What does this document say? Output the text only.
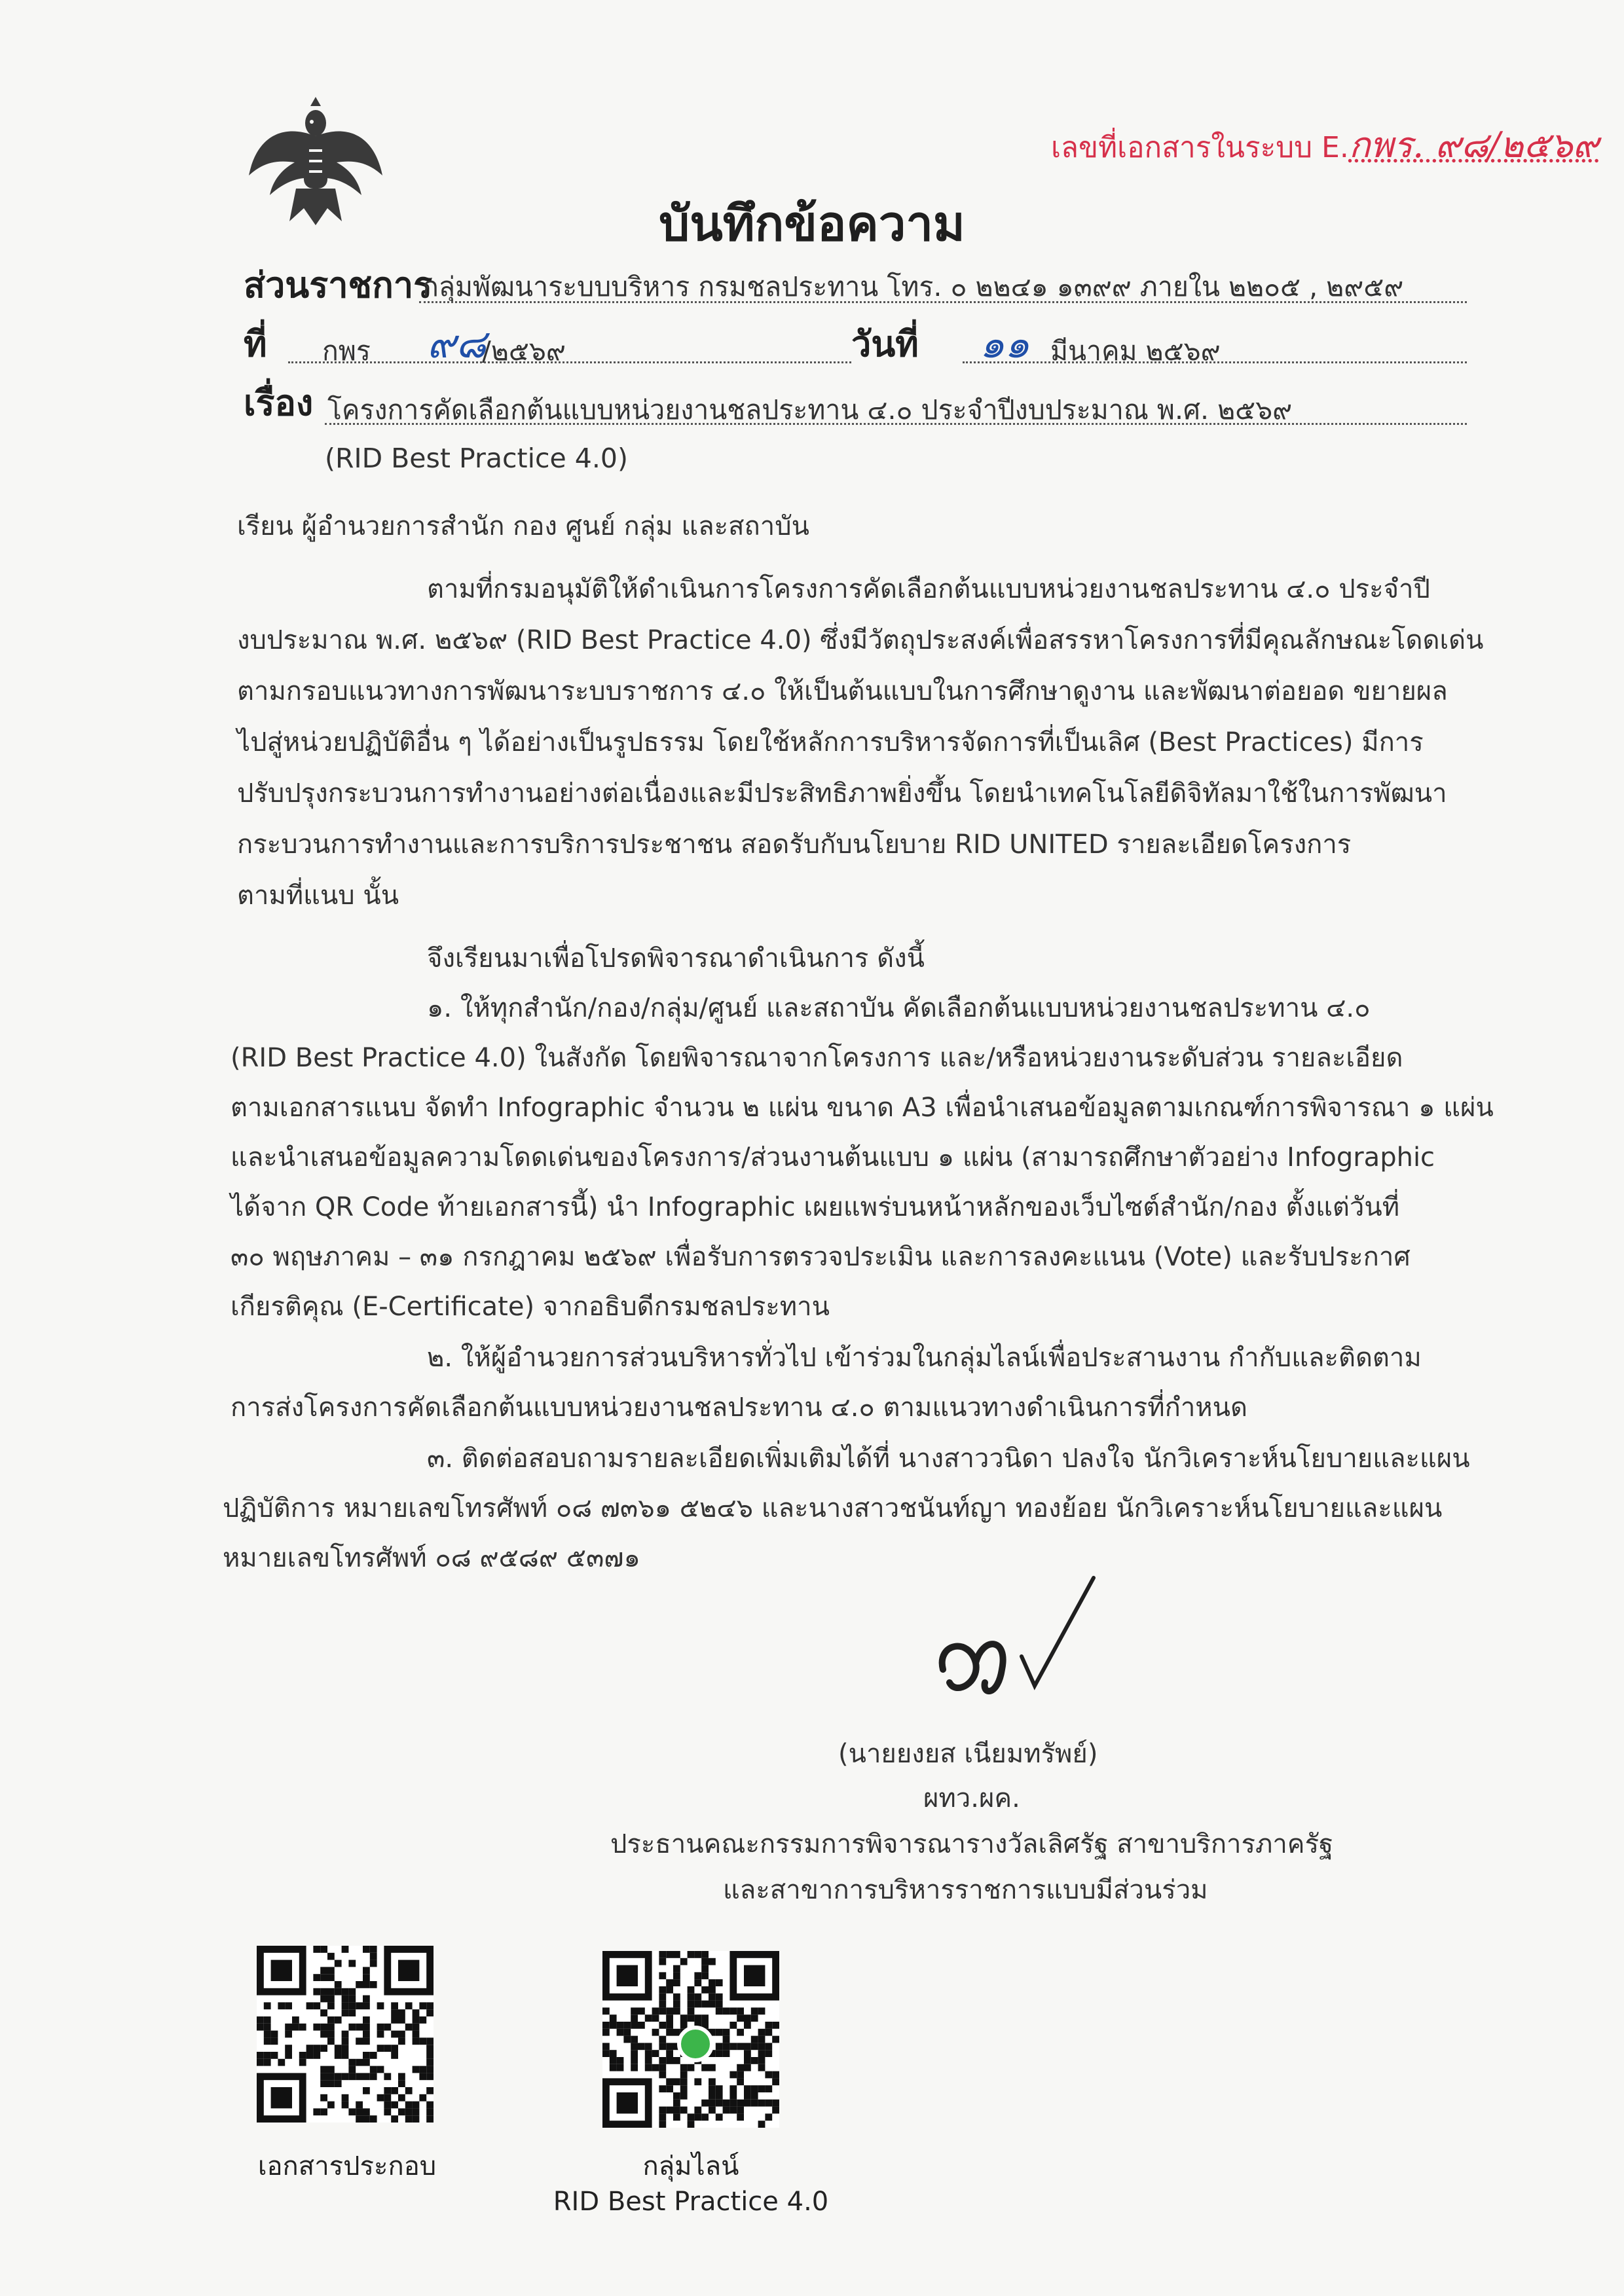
เลขที่เอกสารในระบบ E.กพร. ๙๘/๒๕๖๙
บันทึกข้อความ
ส่วนราชการ
กลุ่มพัฒนาระบบบริหาร กรมชลประทาน โทร. ๐ ๒๒๔๑ ๑๓๙๙ ภายใน ๒๒๐๕ , ๒๙๕๙
ที่ กพร ๙๘
/๒๕๖๙	วันที่ ๑๑ มีนาคม ๒๕๖๙
เรื่อง โครงการคัดเลือกต้นแบบหน่วยงานชลประทาน ๔.๐ ประจำปีงบประมาณ พ.ศ. ๒๕๖๙
(RID Best Practice 4.0)
เรียน ผู้อำนวยการสำนัก กอง ศูนย์ กลุ่ม และสถาบัน
ตามที่กรมอนุมัติให้ดำเนินการโครงการคัดเลือกต้นแบบหน่วยงานชลประทาน ๔.๐ ประจำปี
งบประมาณ พ.ศ. ๒๕๖๙ (RID Best Practice 4.0) ซึ่งมีวัตถุประสงค์เพื่อสรรหาโครงการที่มีคุณลักษณะโดดเด่น
ตามกรอบแนวทางการพัฒนาระบบราชการ ๔.๐ ให้เป็นต้นแบบในการศึกษาดูงาน และพัฒนาต่อยอด ขยายผล
ไปสู่หน่วยปฏิบัติอื่น ๆ ได้อย่างเป็นรูปธรรม โดยใช้หลักการบริหารจัดการที่เป็นเลิศ (Best Practices) มีการ
ปรับปรุงกระบวนการทำงานอย่างต่อเนื่องและมีประสิทธิภาพยิ่งขึ้น โดยนำเทคโนโลยีดิจิทัลมาใช้ในการพัฒนา
กระบวนการทำงานและการบริการประชาชน สอดรับกับนโยบาย RID UNITED รายละเอียดโครงการ
ตามที่แนบ นั้น
จึงเรียนมาเพื่อโปรดพิจารณาดำเนินการ ดังนี้
๑. ให้ทุกสำนัก/กอง/กลุ่ม/ศูนย์ และสถาบัน คัดเลือกต้นแบบหน่วยงานชลประทาน ๔.๐
(RID Best Practice 4.0) ในสังกัด โดยพิจารณาจากโครงการ และ/หรือหน่วยงานระดับส่วน รายละเอียด
ตามเอกสารแนบ จัดทำ Infographic จำนวน ๒ แผ่น ขนาด A3 เพื่อนำเสนอข้อมูลตามเกณฑ์การพิจารณา ๑ แผ่น
และนำเสนอข้อมูลความโดดเด่นของโครงการ/ส่วนงานต้นแบบ ๑ แผ่น (สามารถศึกษาตัวอย่าง Infographic
ได้จาก QR Code ท้ายเอกสารนี้) นำ Infographic เผยแพร่บนหน้าหลักของเว็บไซต์สำนัก/กอง ตั้งแต่วันที่
๓๐ พฤษภาคม – ๓๑ กรกฎาคม ๒๕๖๙ เพื่อรับการตรวจประเมิน และการลงคะแนน (Vote) และรับประกาศ
เกียรติคุณ (E-Certificate) จากอธิบดีกรมชลประทาน
๒. ให้ผู้อำนวยการส่วนบริหารทั่วไป เข้าร่วมในกลุ่มไลน์เพื่อประสานงาน กำกับและติดตาม
การส่งโครงการคัดเลือกต้นแบบหน่วยงานชลประทาน ๔.๐ ตามแนวทางดำเนินการที่กำหนด
๓. ติดต่อสอบถามรายละเอียดเพิ่มเติมได้ที่ นางสาววนิดา ปลงใจ นักวิเคราะห์นโยบายและแผน
ปฏิบัติการ หมายเลขโทรศัพท์ ๐๘ ๗๓๖๑ ๕๒๔๖ และนางสาวชนันท์ญา ทองย้อย นักวิเคราะห์นโยบายและแผน
หมายเลขโทรศัพท์ ๐๘ ๙๕๘๙ ๕๓๗๑
(นายยงยส เนียมทรัพย์)
ผทว.ผค.
ประธานคณะกรรมการพิจารณารางวัลเลิศรัฐ สาขาบริการภาครัฐ
และสาขาการบริหารราชการแบบมีส่วนร่วม
เอกสารประกอบ	กลุ่มไลน์
RID Best Practice 4.0
